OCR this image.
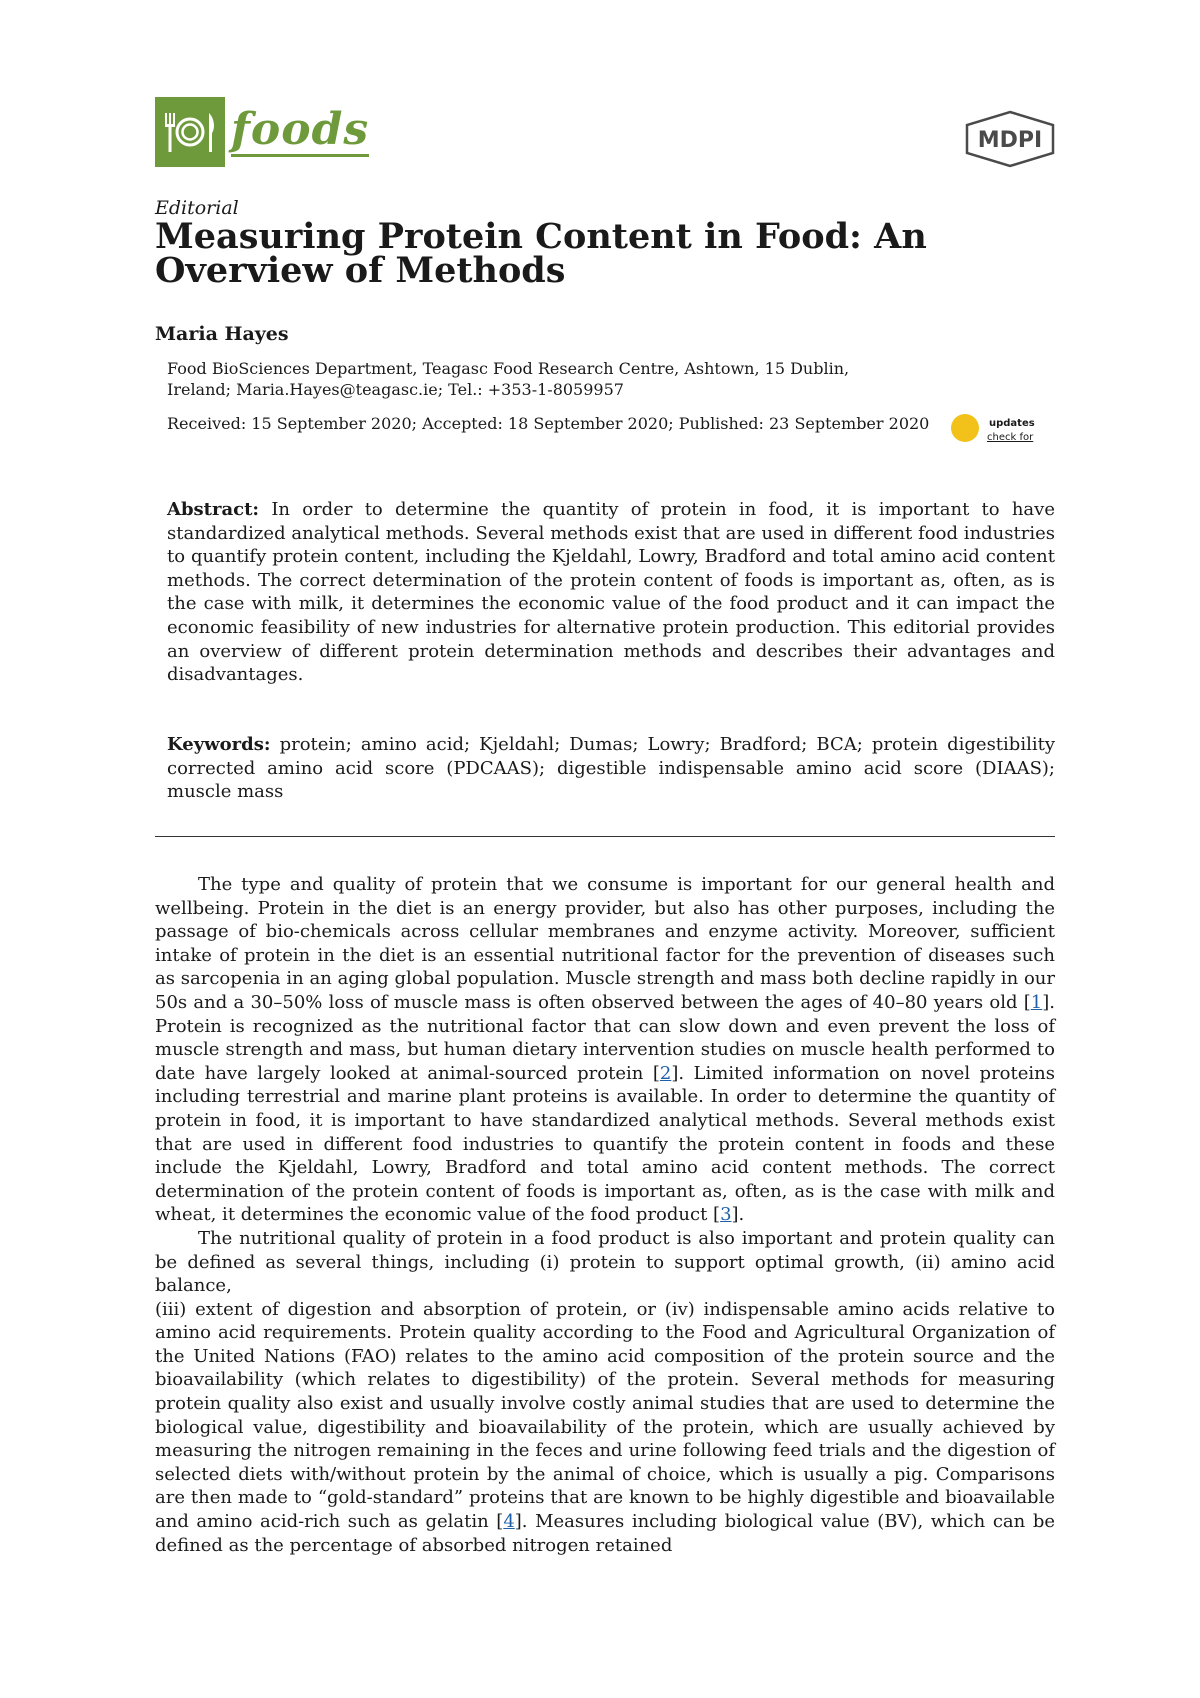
foods	MDPI
Editorial
Measuring Protein Content in Food: An Overview of Methods
Maria Hayes
Food BioSciences Department, Teagasc Food Research Centre, Ashtown, 15 Dublin, Ireland; Maria.Hayes@teagasc.ie; Tel.: +353-1-8059957
Received: 15 September 2020; Accepted: 18 September 2020; Published: 23 September 2020	updates
check for

Abstract: In order to determine the quantity of protein in food, it is important to have standardized analytical methods. Several methods exist that are used in different food industries to quantify protein content, including the Kjeldahl, Lowry, Bradford and total amino acid content methods. The correct determination of the protein content of foods is important as, often, as is the case with milk, it determines the economic value of the food product and it can impact the economic feasibility of new industries for alternative protein production. This editorial provides an overview of different protein determination methods and describes their advantages and disadvantages.

Keywords: protein; amino acid; Kjeldahl; Dumas; Lowry; Bradford; BCA; protein digestibility corrected amino acid score (PDCAAS); digestible indispensable amino acid score (DIAAS); muscle mass

The type and quality of protein that we consume is important for our general health and wellbeing. Protein in the diet is an energy provider, but also has other purposes, including the passage of bio-chemicals across cellular membranes and enzyme activity. Moreover, sufficient intake of protein in the diet is an essential nutritional factor for the prevention of diseases such as sarcopenia in an aging global population. Muscle strength and mass both decline rapidly in our 50s and a 30–50% loss of muscle mass is often observed between the ages of 40–80 years old [1]. Protein is recognized as the nutritional factor that can slow down and even prevent the loss of muscle strength and mass, but human dietary intervention studies on muscle health performed to date have largely looked at animal-sourced protein [2]. Limited information on novel proteins including terrestrial and marine plant proteins is available. In order to determine the quantity of protein in food, it is important to have standardized analytical methods. Several methods exist that are used in different food industries to quantify the protein content in foods and these include the Kjeldahl, Lowry, Bradford and total amino acid content methods. The correct determination of the protein content of foods is important as, often, as is the case with milk and wheat, it determines the economic value of the food product [3].

The nutritional quality of protein in a food product is also important and protein quality can be defined as several things, including (i) protein to support optimal growth, (ii) amino acid balance,
(iii) extent of digestion and absorption of protein, or (iv) indispensable amino acids relative to amino acid requirements. Protein quality according to the Food and Agricultural Organization of the United Nations (FAO) relates to the amino acid composition of the protein source and the bioavailability (which relates to digestibility) of the protein. Several methods for measuring protein quality also exist and usually involve costly animal studies that are used to determine the biological value, digestibility and bioavailability of the protein, which are usually achieved by measuring the nitrogen remaining in the feces and urine following feed trials and the digestion of selected diets with/without protein by the animal of choice, which is usually a pig. Comparisons are then made to “gold-standard” proteins that are known to be highly digestible and bioavailable and amino acid-rich such as gelatin [4]. Measures including biological value (BV), which can be defined as the percentage of absorbed nitrogen retained
